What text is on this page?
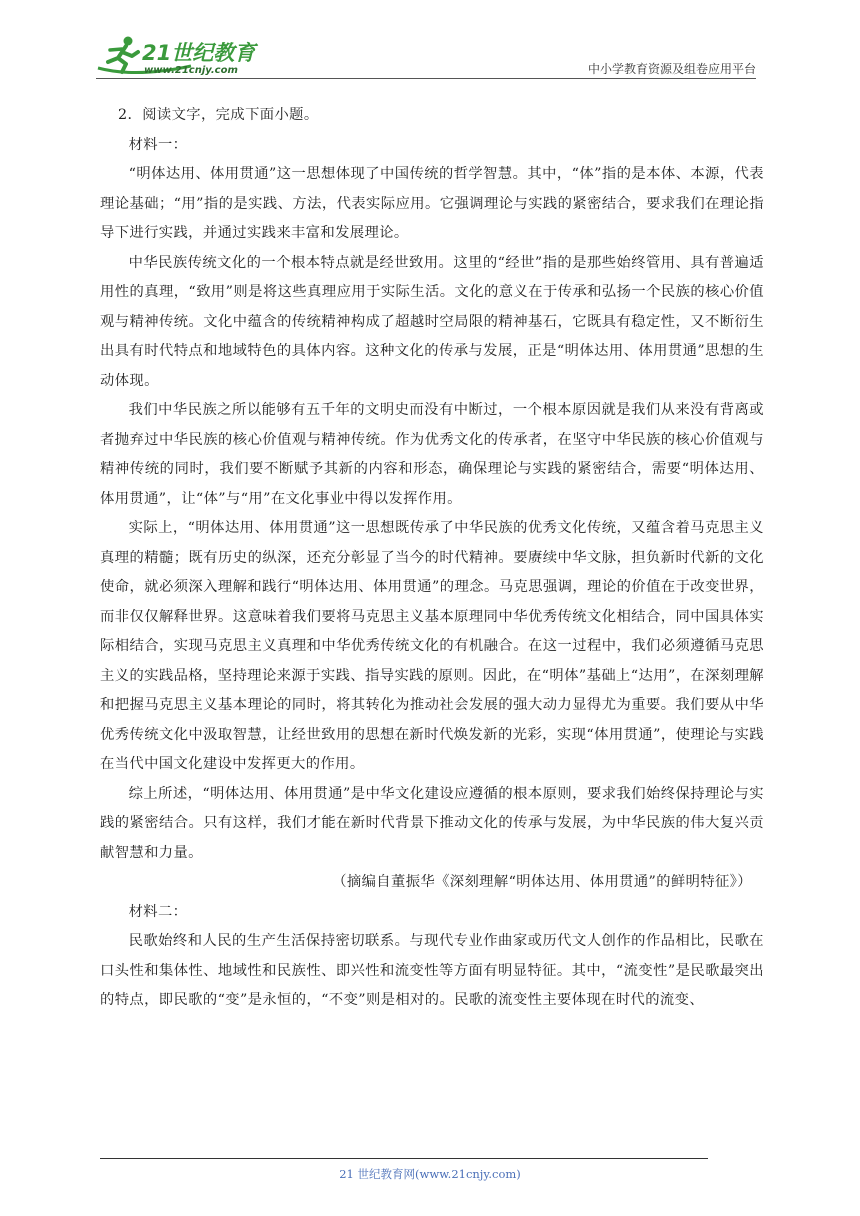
21世纪教育
www.21cnjy.com	中小学教育资源及组卷应用平台

2．阅读文字，完成下面小题。

材料一：

“明体达用、体用贯通”这一思想体现了中国传统的哲学智慧。其中，“体”指的是本体、本源，代表理论基础；“用”指的是实践、方法，代表实际应用。它强调理论与实践的紧密结合，要求我们在理论指导下进行实践，并通过实践来丰富和发展理论。

中华民族传统文化的一个根本特点就是经世致用。这里的“经世”指的是那些始终管用、具有普遍适用性的真理，“致用”则是将这些真理应用于实际生活。文化的意义在于传承和弘扬一个民族的核心价值观与精神传统。文化中蕴含的传统精神构成了超越时空局限的精神基石，它既具有稳定性，又不断衍生出具有时代特点和地域特色的具体内容。这种文化的传承与发展，正是“明体达用、体用贯通”思想的生动体现。

我们中华民族之所以能够有五千年的文明史而没有中断过，一个根本原因就是我们从来没有背离或者抛弃过中华民族的核心价值观与精神传统。作为优秀文化的传承者，在坚守中华民族的核心价值观与精神传统的同时，我们要不断赋予其新的内容和形态，确保理论与实践的紧密结合，需要“明体达用、体用贯通”，让“体”与“用”在文化事业中得以发挥作用。

实际上，“明体达用、体用贯通”这一思想既传承了中华民族的优秀文化传统，又蕴含着马克思主义真理的精髓；既有历史的纵深，还充分彰显了当今的时代精神。要赓续中华文脉，担负新时代新的文化使命，就必须深入理解和践行“明体达用、体用贯通”的理念。马克思强调，理论的价值在于改变世界，而非仅仅解释世界。这意味着我们要将马克思主义基本原理同中华优秀传统文化相结合，同中国具体实际相结合，实现马克思主义真理和中华优秀传统文化的有机融合。在这一过程中，我们必须遵循马克思主义的实践品格，坚持理论来源于实践、指导实践的原则。因此，在“明体”基础上“达用”，在深刻理解和把握马克思主义基本理论的同时，将其转化为推动社会发展的强大动力显得尤为重要。我们要从中华优秀传统文化中汲取智慧，让经世致用的思想在新时代焕发新的光彩，实现“体用贯通”，使理论与实践在当代中国文化建设中发挥更大的作用。

综上所述，“明体达用、体用贯通”是中华文化建设应遵循的根本原则，要求我们始终保持理论与实践的紧密结合。只有这样，我们才能在新时代背景下推动文化的传承与发展，为中华民族的伟大复兴贡献智慧和力量。

（摘编自董振华《深刻理解“明体达用、体用贯通”的鲜明特征》）

材料二：

民歌始终和人民的生产生活保持密切联系。与现代专业作曲家或历代文人创作的作品相比，民歌在口头性和集体性、地域性和民族性、即兴性和流变性等方面有明显特征。其中，“流变性”是民歌最突出的特点，即民歌的“变”是永恒的，“不变”则是相对的。民歌的流变性主要体现在时代的流变、

21 世纪教育网(www.21cnjy.com)
